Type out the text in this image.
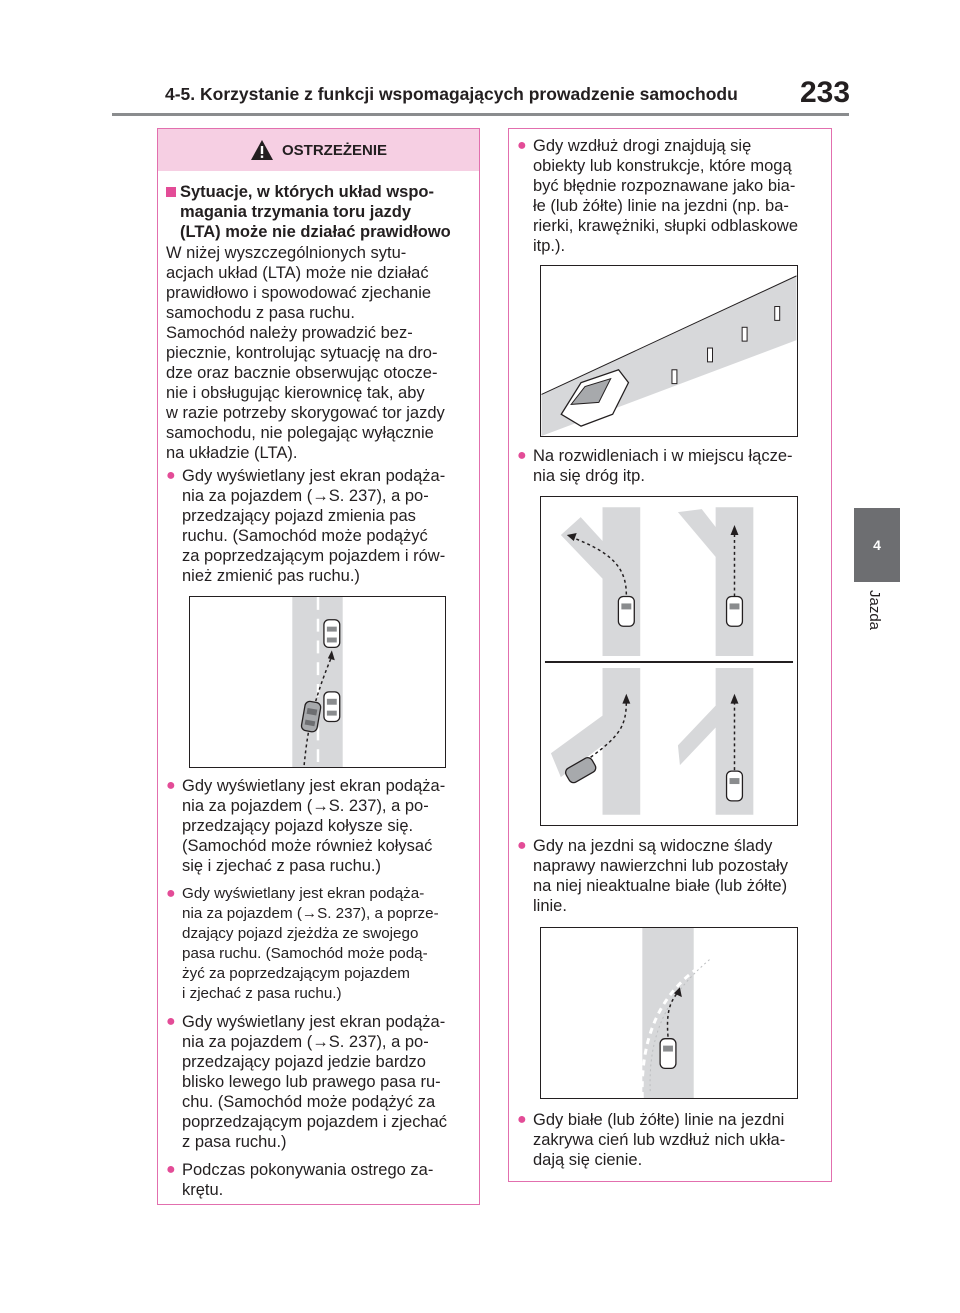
4-5. Korzystanie z funkcji wspomagających prowadzenie samochodu 233
4
Jazda
OSTRZEŻENIE
Sytuacje, w których układ wspo-
magania trzymania toru jazdy
(LTA) może nie działać prawidłowo
W niżej wyszczególnionych sytu-
acjach układ (LTA) może nie działać
prawidłowo i spowodować zjechanie
samochodu z pasa ruchu.
Samochód należy prowadzić bez-
piecznie, kontrolując sytuację na dro-
dze oraz bacznie obserwując otocze-
nie i obsługując kierownicę tak, aby
w razie potrzeby skorygować tor jazdy
samochodu, nie polegając wyłącznie
na układzie (LTA).
● Gdy wyświetlany jest ekran podąża-
nia za pojazdem (→S. 237), a po-
przedzający pojazd zmienia pas
ruchu. (Samochód może podążyć
za poprzedzającym pojazdem i rów-
nież zmienić pas ruchu.)
● Gdy wyświetlany jest ekran podąża-
nia za pojazdem (→S. 237), a po-
przedzający pojazd kołysze się.
(Samochód może również kołysać
się i zjechać z pasa ruchu.)
● Gdy wyświetlany jest ekran podąża-
nia za pojazdem (→S. 237), a poprze-
dzający pojazd zjeżdża ze swojego
pasa ruchu. (Samochód może podą-
żyć za poprzedzającym pojazdem
i zjechać z pasa ruchu.)
● Gdy wyświetlany jest ekran podąża-
nia za pojazdem (→S. 237), a po-
przedzający pojazd jedzie bardzo
blisko lewego lub prawego pasa ru-
chu. (Samochód może podążyć za
poprzedzającym pojazdem i zjechać
z pasa ruchu.)
● Podczas pokonywania ostrego za-
krętu.
● Gdy wzdłuż drogi znajdują się
obiekty lub konstrukcje, które mogą
być błędnie rozpoznawane jako bia-
łe (lub żółte) linie na jezdni (np. ba-
rierki, krawężniki, słupki odblaskowe
itp.).
● Na rozwidleniach i w miejscu łącze-
nia się dróg itp.
● Gdy na jezdni są widoczne ślady
naprawy nawierzchni lub pozostały
na niej nieaktualne białe (lub żółte)
linie.
● Gdy białe (lub żółte) linie na jezdni
zakrywa cień lub wzdłuż nich ukła-
dają się cienie.
